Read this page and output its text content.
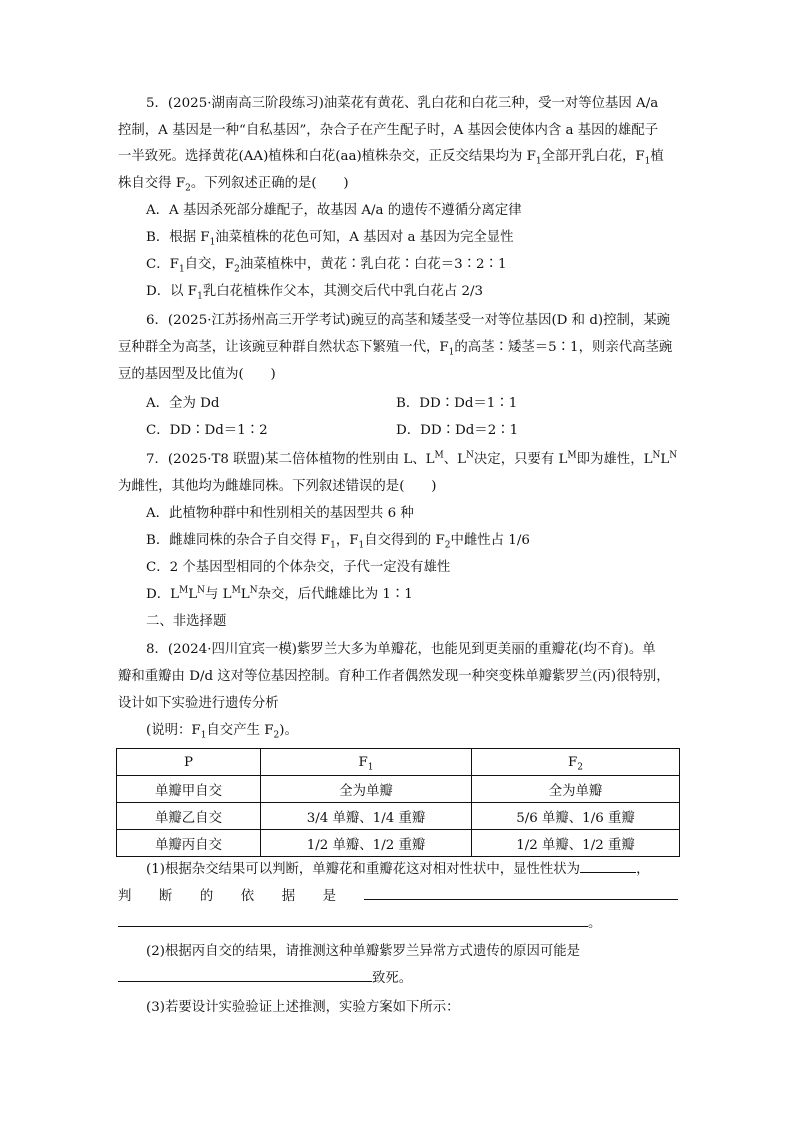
5．(2025·湖南高三阶段练习)油菜花有黄花、乳白花和白花三种，受一对等位基因 A/a
控制，A 基因是一种“自私基因”，杂合子在产生配子时，A 基因会使体内含 a 基因的雄配子
一半致死。选择黄花(AA)植株和白花(aa)植株杂交，正反交结果均为 $F_1$全部开乳白花，$F_1$植
株自交得 $F_2$。下列叙述正确的是(　　)
A．A 基因杀死部分雄配子，故基因 A/a 的遗传不遵循分离定律
B．根据 $F_1$油菜植株的花色可知，A 基因对 a 基因为完全显性
C．$F_1$自交，$F_2$油菜植株中，黄花∶乳白花∶白花＝3∶2∶1
D．以 $F_1$乳白花植株作父本，其测交后代中乳白花占 2/3
6．(2025·江苏扬州高三开学考试)豌豆的高茎和矮茎受一对等位基因(D 和 d)控制，某豌
豆种群全为高茎，让该豌豆种群自然状态下繁殖一代，$F_1$的高茎∶矮茎＝5∶1，则亲代高茎豌
豆的基因型及比值为(　　)
A．全为 Dd	B．DD∶Dd＝1∶1
C．DD∶Dd＝1∶2	D．DD∶Dd＝2∶1
7．(2025·T8 联盟)某二倍体植物的性别由 L、$L^M$、$L^N$决定，只要有 $L^M$即为雄性，$L^NL^N$
为雌性，其他均为雌雄同株。下列叙述错误的是(　　)
A．此植物种群中和性别相关的基因型共 6 种
B．雌雄同株的杂合子自交得 $F_1$，$F_1$自交得到的 $F_2$中雌性占 1/6
C．2 个基因型相同的个体杂交，子代一定没有雄性
D．$L^ML^N$与 $L^ML^N$杂交，后代雌雄比为 1∶1
二、非选择题
8．(2024·四川宜宾一模)紫罗兰大多为单瓣花，也能见到更美丽的重瓣花(均不育)。单
瓣和重瓣由 D/d 这对等位基因控制。育种工作者偶然发现一种突变株单瓣紫罗兰(丙)很特别，
设计如下实验进行遗传分析
(说明：$F_1$自交产生 $F_2$)。
P	$F_1$	$F_2$
单瓣甲自交	全为单瓣	全为单瓣
单瓣乙自交	3/4 单瓣、1/4 重瓣	5/6 单瓣、1/6 重瓣
单瓣丙自交	1/2 单瓣、1/2 重瓣	1/2 单瓣、1/2 重瓣
(1)根据杂交结果可以判断，单瓣花和重瓣花这对相对性状中，显性性状为	，
判 断 的 依 据 是

。
(2)根据丙自交的结果，请推测这种单瓣紫罗兰异常方式遗传的原因可能是
致死。
(3)若要设计实验验证上述推测，实验方案如下所示：
